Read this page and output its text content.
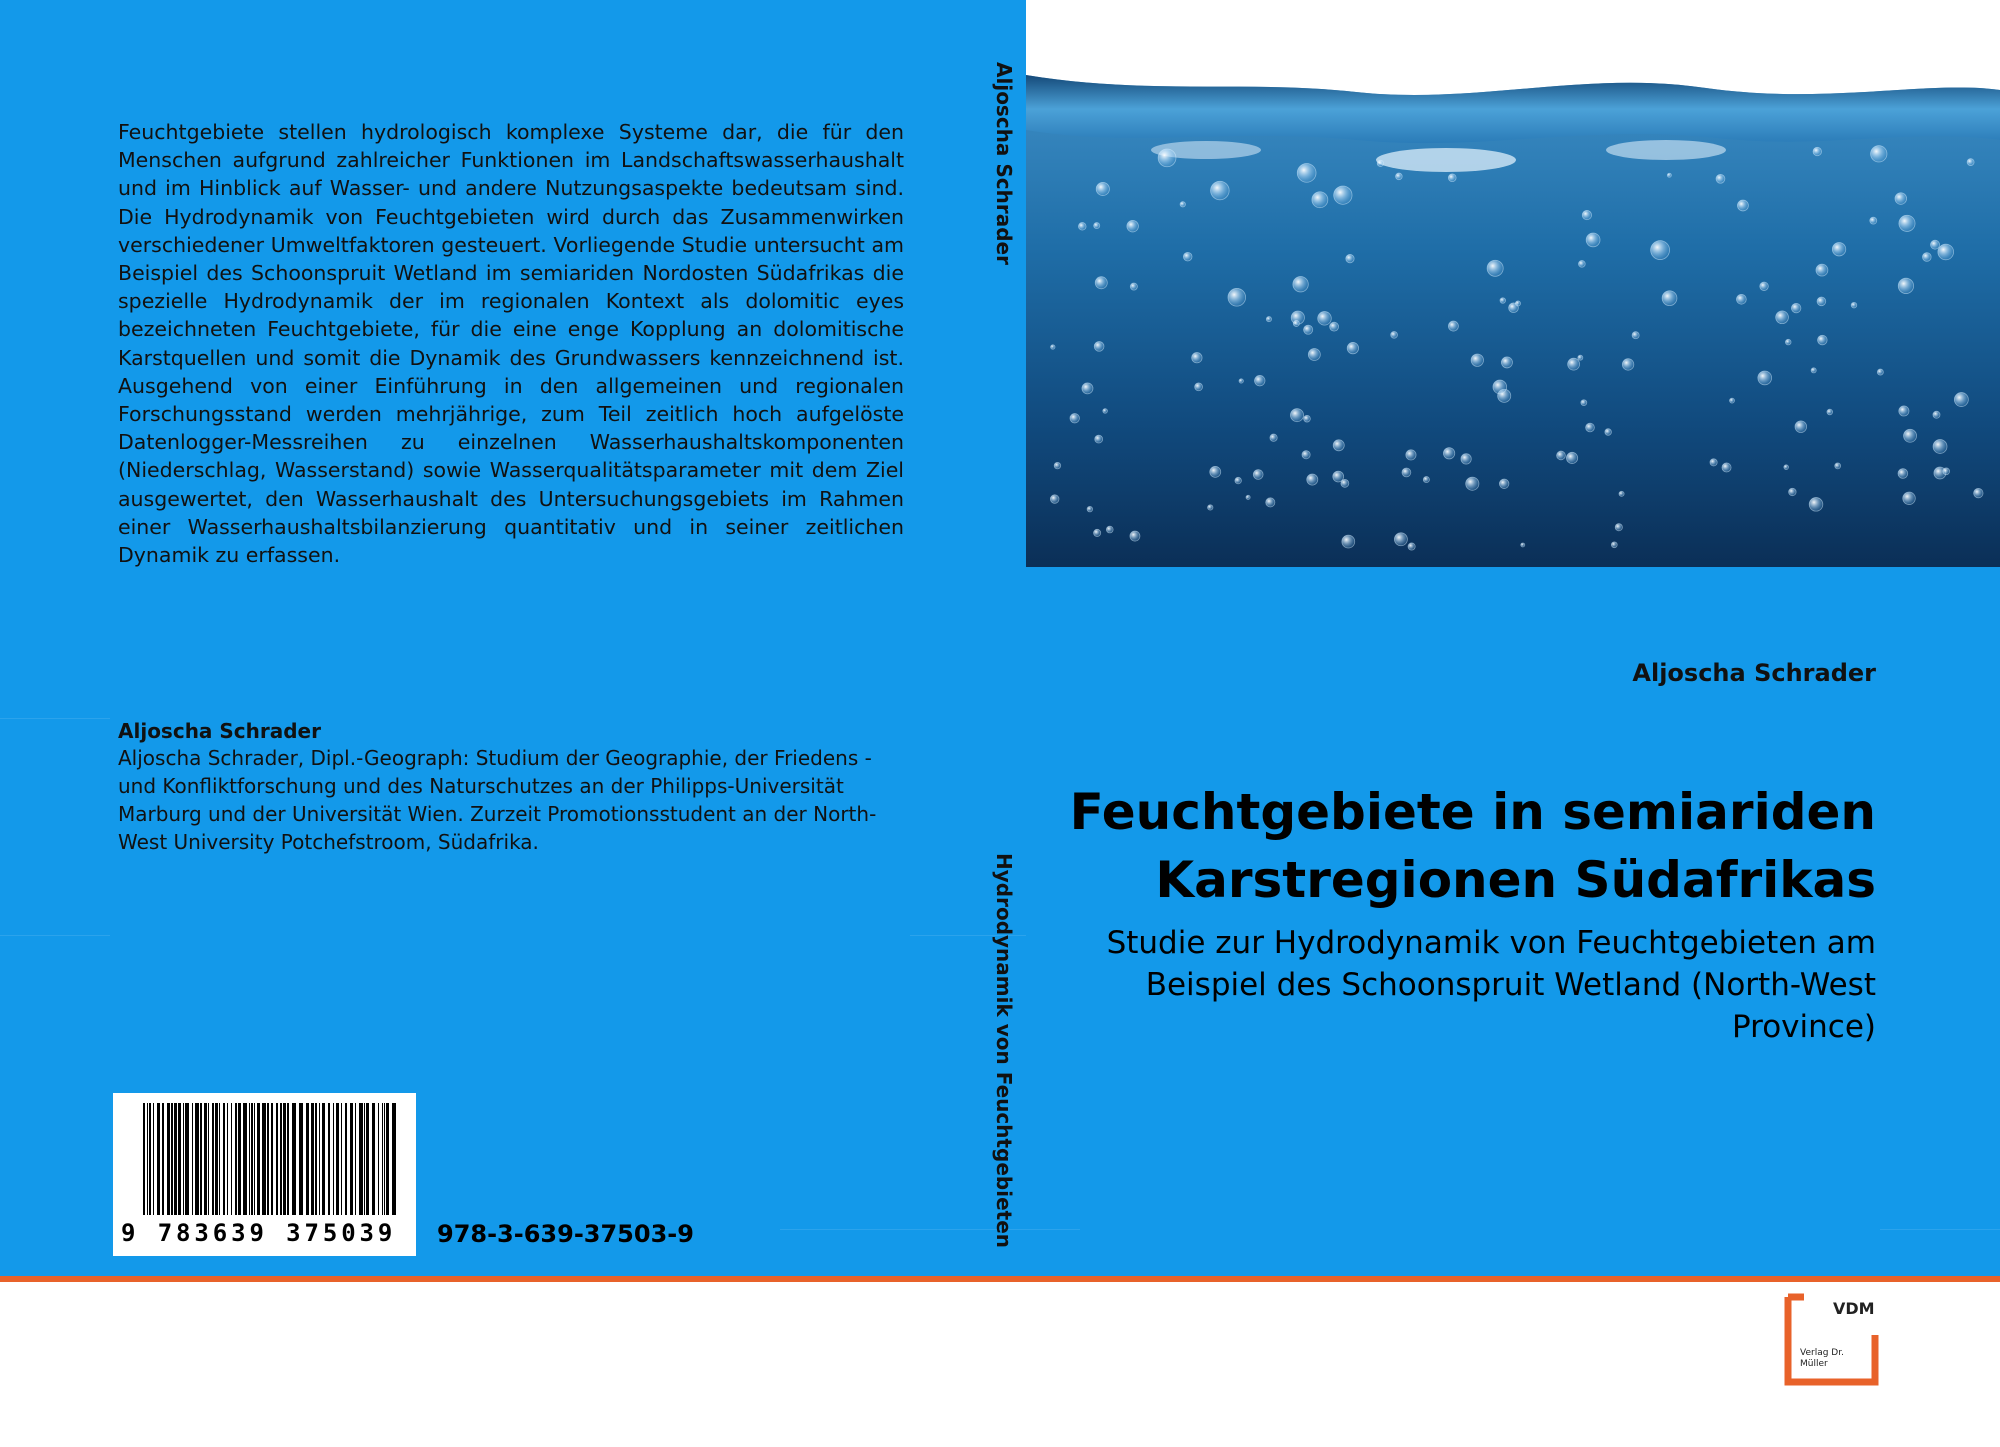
Feuchtgebiete stellen hydrologisch komplexe Systeme dar, die für den Menschen aufgrund zahlreicher Funktionen im Landschaftswasserhaushalt und im Hinblick auf Wasser- und andere Nutzungsaspekte bedeutsam sind. Die Hydrodynamik von Feuchtgebieten wird durch das Zusammenwirken verschiedener Umweltfaktoren gesteuert. Vorliegende Studie untersucht am Beispiel des Schoonspruit Wetland im semiariden Nordosten Südafrikas die spezielle Hydrodynamik der im regionalen Kontext als dolomitic eyes bezeichneten Feuchtgebiete, für die eine enge Kopplung an dolomitische Karstquellen und somit die Dynamik des Grundwassers kennzeichnend ist. Ausgehend von einer Einführung in den allgemeinen und regionalen Forschungsstand werden mehrjährige, zum Teil zeitlich hoch aufgelöste Datenlogger-Messreihen zu einzelnen Wasserhaushaltskomponenten (Niederschlag, Wasserstand) sowie Wasserqualitätsparameter mit dem Ziel ausgewertet, den Wasserhaushalt des Untersuchungsgebiets im Rahmen einer Wasserhaushaltsbilanzierung quantitativ und in seiner zeitlichen Dynamik zu erfassen.

Aljoscha Schrader

Aljoscha Schrader, Dipl.-Geograph: Studium der Geographie, der Friedens - und Konfliktforschung und des Naturschutzes an der Philipps-Universität Marburg und der Universität Wien. Zurzeit Promotionsstudent an der North-West University Potchefstroom, Südafrika.

9 783639 375039	978-3-639-37503-9
Aljoscha Schrader
Hydrodynamik von Feuchtgebieten
Aljoscha Schrader
Feuchtgebiete in semiariden Karstregionen Südafrikas

Studie zur Hydrodynamik von Feuchtgebieten am Beispiel des Schoonspruit Wetland (North-West Province)

VDM
Verlag Dr. Müller
